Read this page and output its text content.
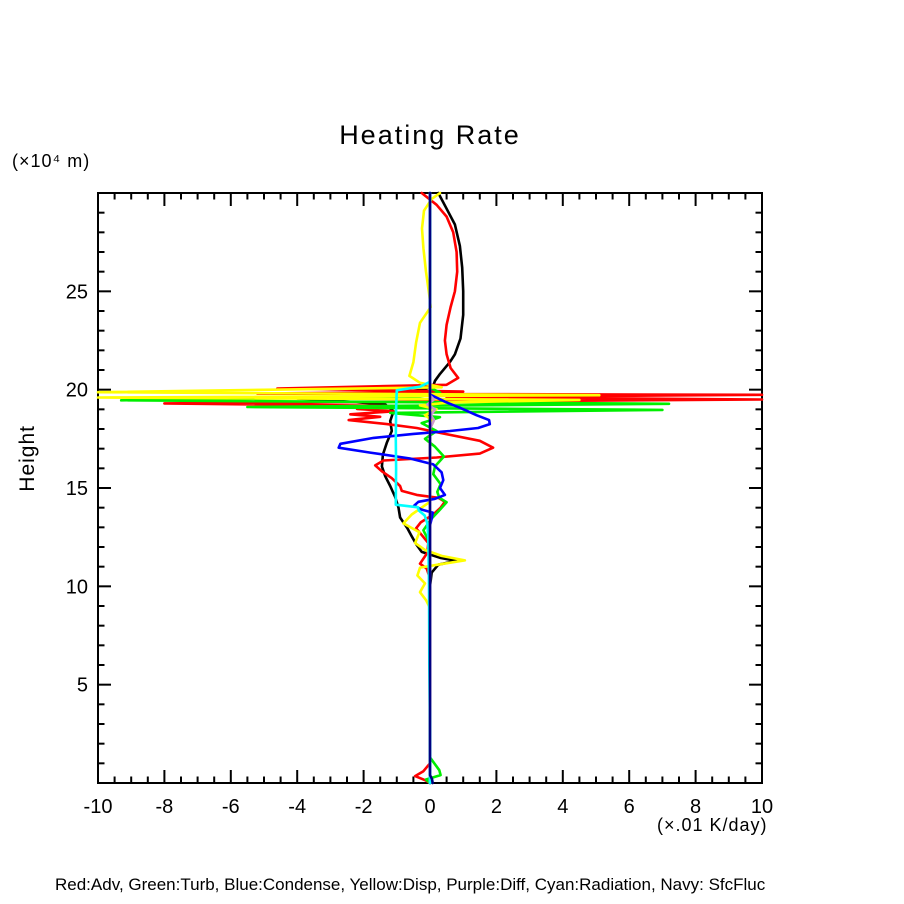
Heating Rate
(×10⁴ m)
Height
(×.01 K/day)
-10 -8 -6 -4 -2	0	2	4	6	8 10
5
10
15
20
25
Red:Adv, Green:Turb, Blue:Condense, Yellow:Disp, Purple:Diff, Cyan:Radiation, Navy: SfcFluc
